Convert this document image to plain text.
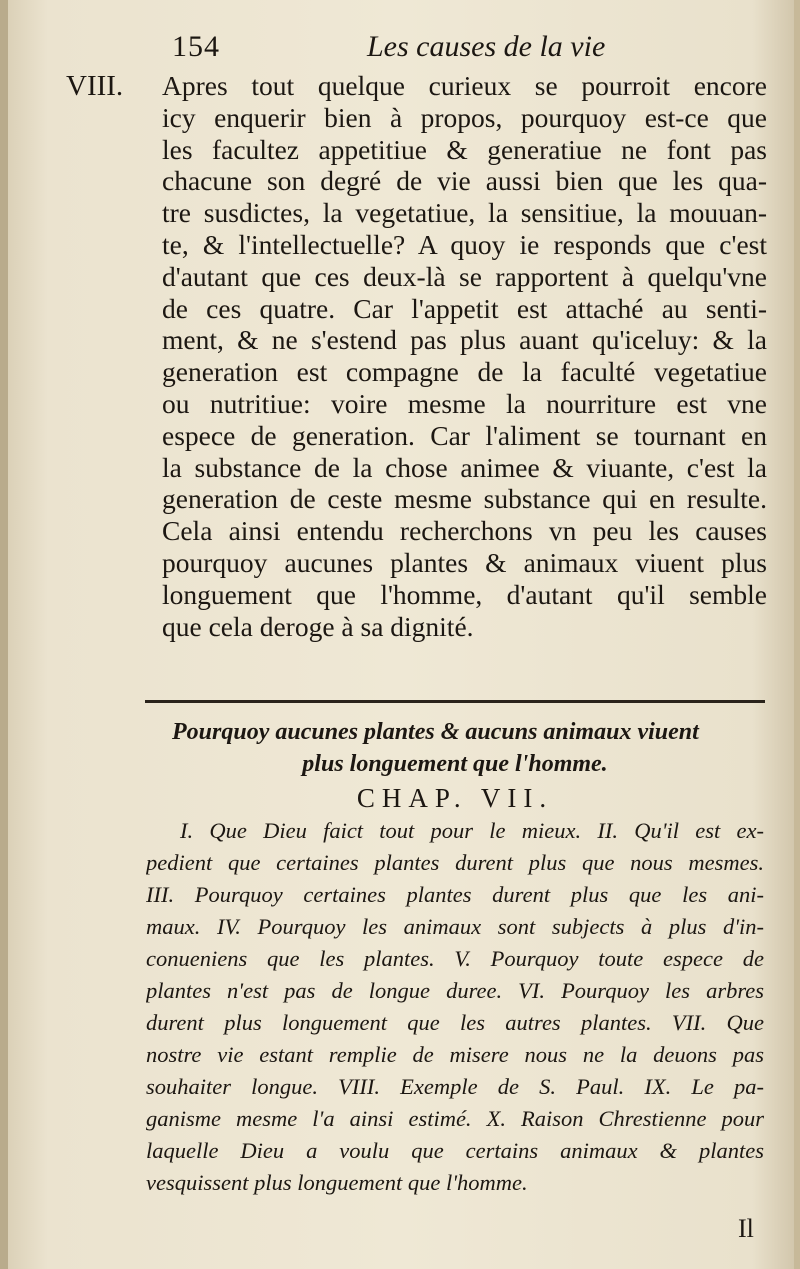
154	Les causes de la vie
VIII. Apres tout quelque curieux se pourroit encore
icy enquerir bien à propos, pourquoy est-ce que
les facultez appetitiue & generatiue ne font pas
chacune son degré de vie aussi bien que les qua-
tre susdictes, la vegetatiue, la sensitiue, la mouuan-
te, & l'intellectuelle? A quoy ie responds que c'est
d'autant que ces deux-là se rapportent à quelqu'vne
de ces quatre. Car l'appetit est attaché au senti-
ment, & ne s'estend pas plus auant qu'iceluy: & la
generation est compagne de la faculté vegetatiue
ou nutritiue: voire mesme la nourriture est vne
espece de generation. Car l'aliment se tournant en
la substance de la chose animee & viuante, c'est la
generation de ceste mesme substance qui en resulte.
Cela ainsi entendu recherchons vn peu les causes
pourquoy aucunes plantes & animaux viuent plus
longuement que l'homme, d'autant qu'il semble
que cela deroge à sa dignité.
Pourquoy aucunes plantes & aucuns animaux viuent
plus longuement que l'homme.
CHAP. VII.
I. Que Dieu faict tout pour le mieux. II. Qu'il est ex-
pedient que certaines plantes durent plus que nous mesmes.
III. Pourquoy certaines plantes durent plus que les ani-
maux. IV. Pourquoy les animaux sont subjects à plus d'in-
conueniens que les plantes. V. Pourquoy toute espece de
plantes n'est pas de longue duree. VI. Pourquoy les arbres
durent plus longuement que les autres plantes. VII. Que
nostre vie estant remplie de misere nous ne la deuons pas
souhaiter longue. VIII. Exemple de S. Paul. IX. Le pa-
ganisme mesme l'a ainsi estimé. X. Raison Chrestienne pour
laquelle Dieu a voulu que certains animaux & plantes
vesquissent plus longuement que l'homme.
Il
